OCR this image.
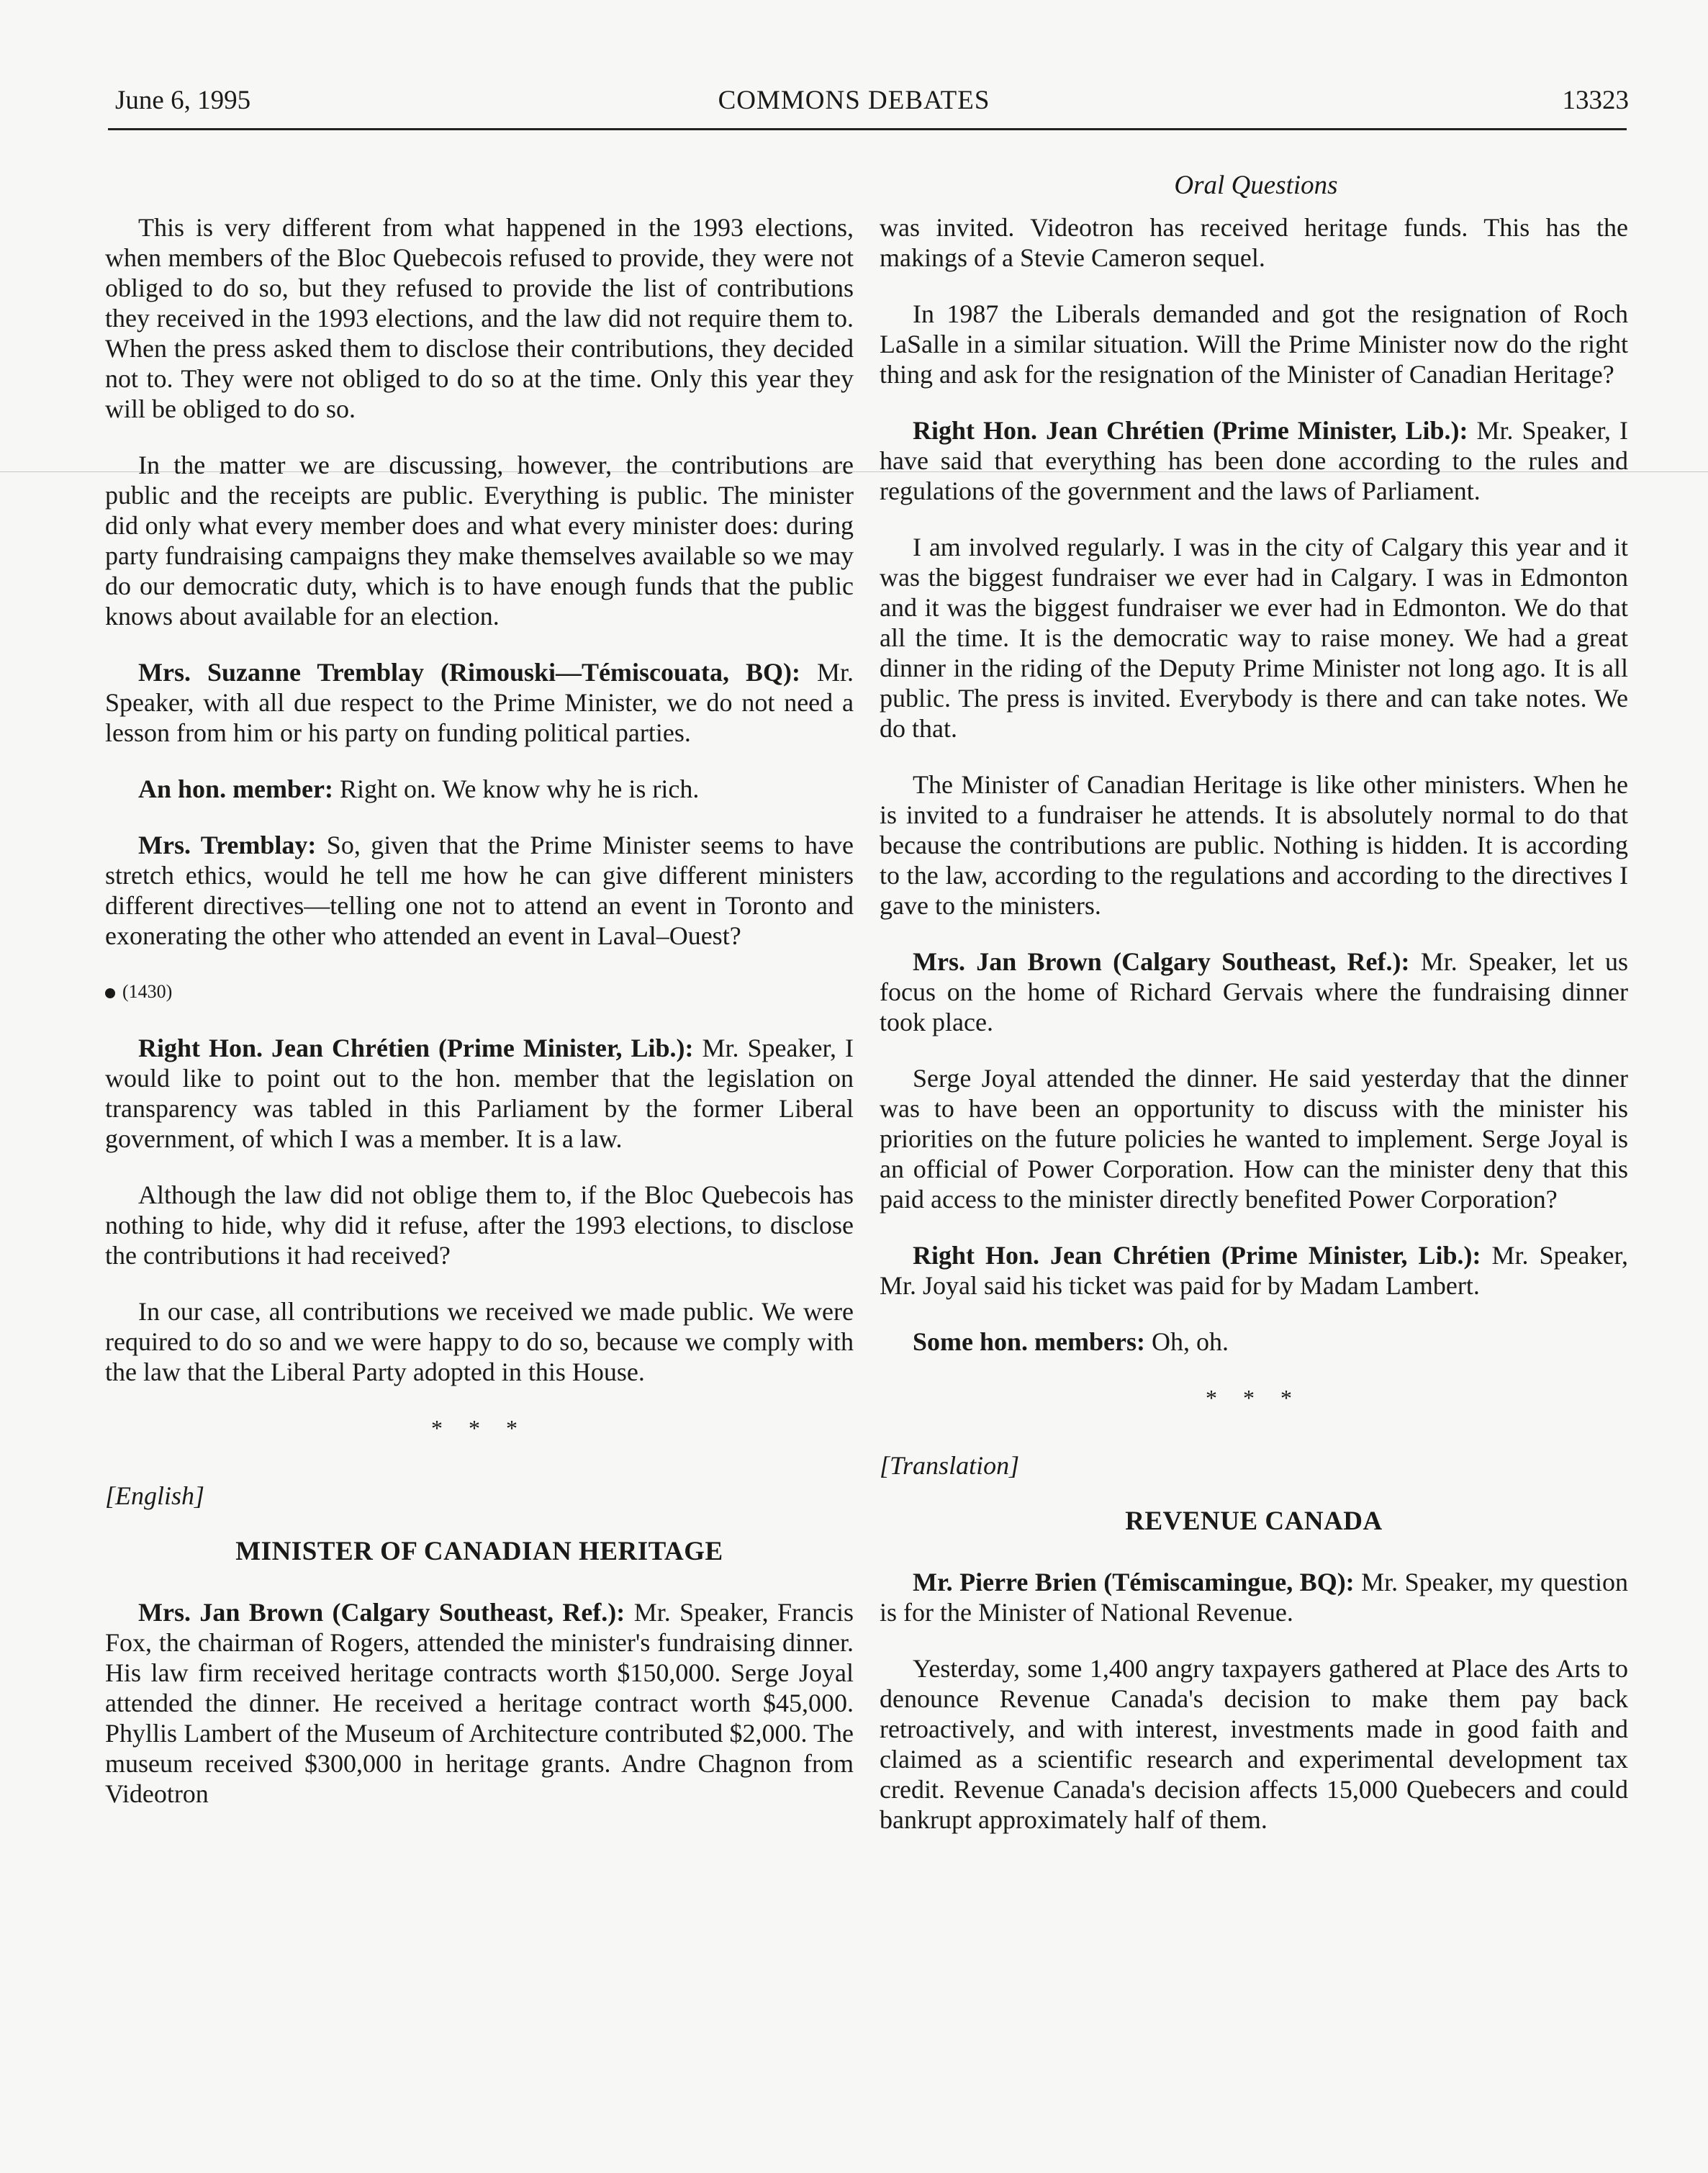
June 6, 1995	COMMONS DEBATES	13323
Oral Questions

This is very different from what happened in the 1993 elections, when members of the Bloc Quebecois refused to provide, they were not obliged to do so, but they refused to provide the list of contributions they received in the 1993 elections, and the law did not require them to. When the press asked them to disclose their contributions, they decided not to. They were not obliged to do so at the time. Only this year they will be obliged to do so.

In the matter we are discussing, however, the contributions are public and the receipts are public. Everything is public. The minister did only what every member does and what every minister does: during party fundraising campaigns they make themselves available so we may do our democratic duty, which is to have enough funds that the public knows about available for an election.

Mrs. Suzanne Tremblay (Rimouski—Témiscouata, BQ): Mr. Speaker, with all due respect to the Prime Minister, we do not need a lesson from him or his party on funding political parties.

An hon. member: Right on. We know why he is rich.

Mrs. Tremblay: So, given that the Prime Minister seems to have stretch ethics, would he tell me how he can give different ministers different directives—telling one not to attend an event in Toronto and exonerating the other who attended an event in Laval–Ouest?

(1430)

Right Hon. Jean Chrétien (Prime Minister, Lib.): Mr. Speaker, I would like to point out to the hon. member that the legislation on transparency was tabled in this Parliament by the former Liberal government, of which I was a member. It is a law.

Although the law did not oblige them to, if the Bloc Quebecois has nothing to hide, why did it refuse, after the 1993 elections, to disclose the contributions it had received?

In our case, all contributions we received we made public. We were required to do so and we were happy to do so, because we comply with the law that the Liberal Party adopted in this House.

* * *
[English]
MINISTER OF CANADIAN HERITAGE

Mrs. Jan Brown (Calgary Southeast, Ref.): Mr. Speaker, Francis Fox, the chairman of Rogers, attended the minister's fundraising dinner. His law firm received heritage contracts worth $150,000. Serge Joyal attended the dinner. He received a heritage contract worth $45,000. Phyllis Lambert of the Museum of Architecture contributed $2,000. The museum received $300,000 in heritage grants. Andre Chagnon from Videotron

was invited. Videotron has received heritage funds. This has the makings of a Stevie Cameron sequel.

In 1987 the Liberals demanded and got the resignation of Roch LaSalle in a similar situation. Will the Prime Minister now do the right thing and ask for the resignation of the Minister of Canadian Heritage?

Right Hon. Jean Chrétien (Prime Minister, Lib.): Mr. Speaker, I have said that everything has been done according to the rules and regulations of the government and the laws of Parliament.

I am involved regularly. I was in the city of Calgary this year and it was the biggest fundraiser we ever had in Calgary. I was in Edmonton and it was the biggest fundraiser we ever had in Edmonton. We do that all the time. It is the democratic way to raise money. We had a great dinner in the riding of the Deputy Prime Minister not long ago. It is all public. The press is invited. Everybody is there and can take notes. We do that.

The Minister of Canadian Heritage is like other ministers. When he is invited to a fundraiser he attends. It is absolutely normal to do that because the contributions are public. Nothing is hidden. It is according to the law, according to the regulations and according to the directives I gave to the ministers.

Mrs. Jan Brown (Calgary Southeast, Ref.): Mr. Speaker, let us focus on the home of Richard Gervais where the fundraising dinner took place.

Serge Joyal attended the dinner. He said yesterday that the dinner was to have been an opportunity to discuss with the minister his priorities on the future policies he wanted to implement. Serge Joyal is an official of Power Corporation. How can the minister deny that this paid access to the minister directly benefited Power Corporation?

Right Hon. Jean Chrétien (Prime Minister, Lib.): Mr. Speaker, Mr. Joyal said his ticket was paid for by Madam Lambert.

Some hon. members: Oh, oh.

* * *
[Translation]
REVENUE CANADA

Mr. Pierre Brien (Témiscamingue, BQ): Mr. Speaker, my question is for the Minister of National Revenue.

Yesterday, some 1,400 angry taxpayers gathered at Place des Arts to denounce Revenue Canada's decision to make them pay back retroactively, and with interest, investments made in good faith and claimed as a scientific research and experimental development tax credit. Revenue Canada's decision affects 15,000 Quebecers and could bankrupt approximately half of them.
